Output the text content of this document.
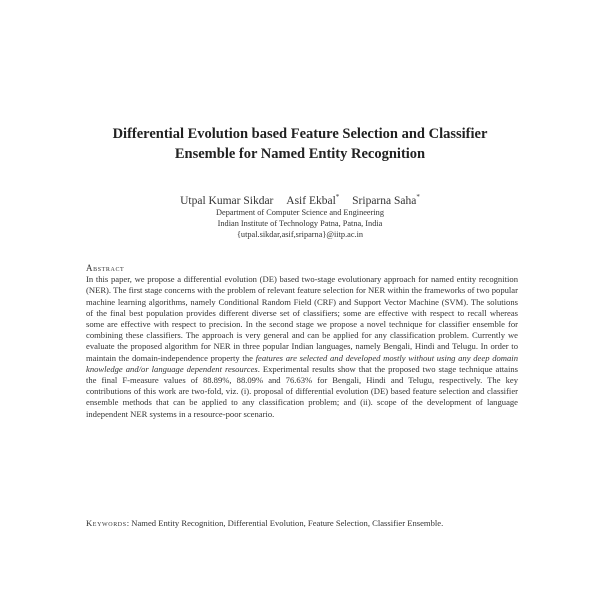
Differential Evolution based Feature Selection and Classifier
Ensemble for Named Entity Recognition
Utpal Kumar Sikdar Asif Ekbal* Sriparna Saha*
Department of Computer Science and Engineering
Indian Institute of Technology Patna, Patna, India
{utpal.sikdar,asif,sriparna}@iitp.ac.in
Abstract

In this paper, we propose a differential evolution (DE) based two-stage evolutionary approach for named entity recognition (NER). The first stage concerns with the problem of relevant feature selection for NER within the frameworks of two popular machine learning algorithms, namely Conditional Random Field (CRF) and Support Vector Machine (SVM). The solutions of the final best population provides different diverse set of classifiers; some are effective with respect to recall whereas some are effective with respect to precision. In the second stage we propose a novel technique for classifier ensemble for combining these classifiers. The approach is very general and can be applied for any classification problem. Currently we evaluate the proposed algorithm for NER in three popular Indian languages, namely Bengali, Hindi and Telugu. In order to maintain the domain-independence property the features are selected and developed mostly without using any deep domain knowledge and/or language dependent resources. Experimental results show that the proposed two stage technique attains the final F-measure values of 88.89%, 88.09% and 76.63% for Bengali, Hindi and Telugu, respectively. The key contributions of this work are two-fold, viz. (i). proposal of differential evolution (DE) based feature selection and classifier ensemble methods that can be applied to any classification problem; and (ii). scope of the development of language independent NER systems in a resource-poor scenario.

Keywords: Named Entity Recognition, Differential Evolution, Feature Selection, Classifier Ensemble.
